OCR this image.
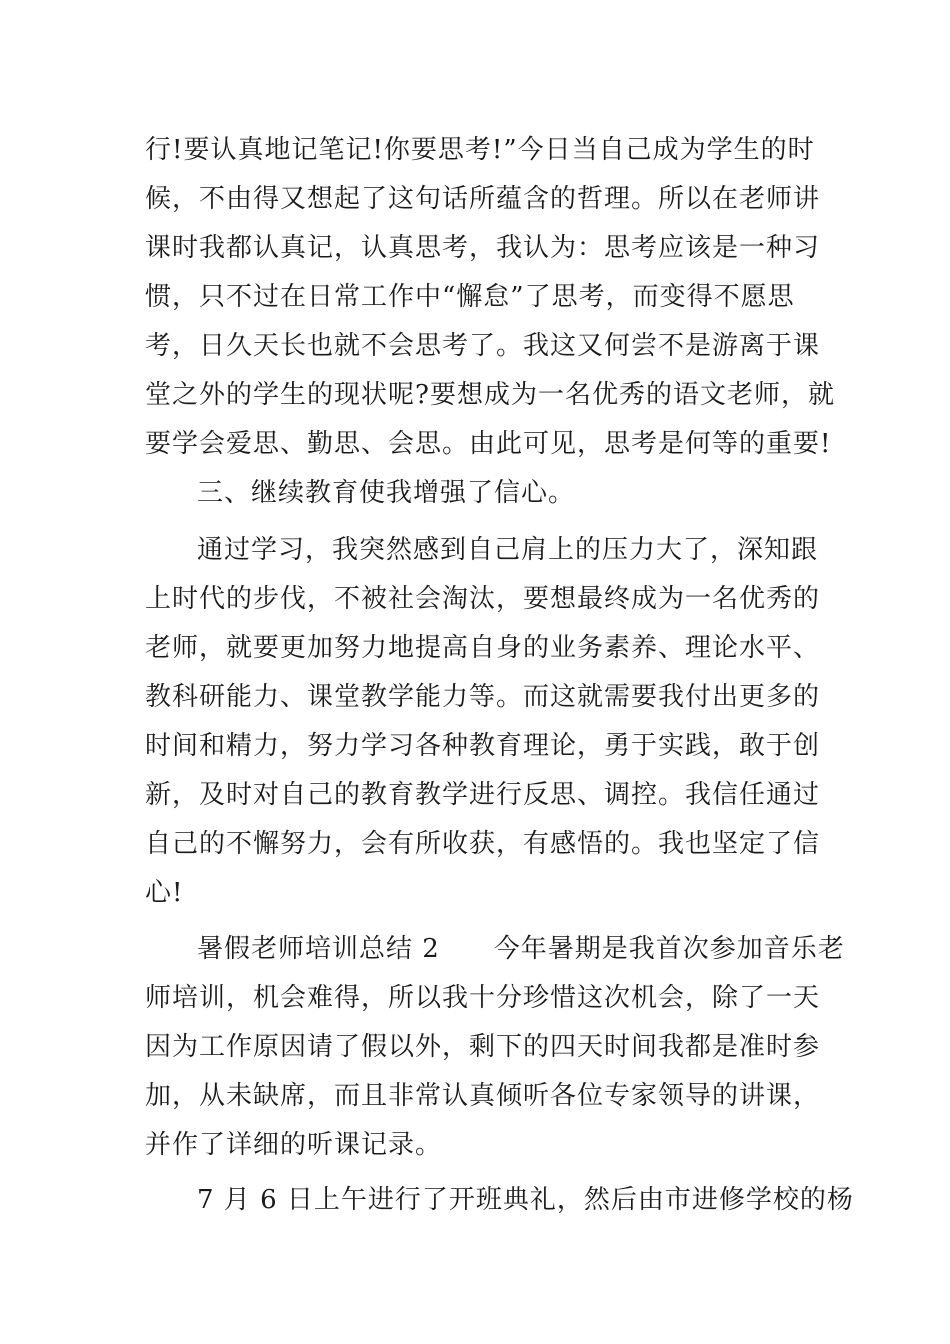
行!要认真地记笔记!你要思考!”今日当自己成为学生的时
候，不由得又想起了这句话所蕴含的哲理。所以在老师讲
课时我都认真记，认真思考，我认为：思考应该是一种习
惯，只不过在日常工作中“懈怠”了思考，而变得不愿思
考，日久天长也就不会思考了。我这又何尝不是游离于课
堂之外的学生的现状呢?要想成为一名优秀的语文老师，就
要学会爱思、勤思、会思。由此可见，思考是何等的重要!
三、继续教育使我增强了信心。
通过学习，我突然感到自己肩上的压力大了，深知跟
上时代的步伐，不被社会淘汰，要想最终成为一名优秀的
老师，就要更加努力地提高自身的业务素养、理论水平、
教科研能力、课堂教学能力等。而这就需要我付出更多的
时间和精力，努力学习各种教育理论，勇于实践，敢于创
新，及时对自己的教育教学进行反思、调控。我信任通过
自己的不懈努力，会有所收获，有感悟的。我也坚定了信
心!
暑假老师培训总结 2　　今年暑期是我首次参加音乐老
师培训，机会难得，所以我十分珍惜这次机会，除了一天
因为工作原因请了假以外，剩下的四天时间我都是准时参
加，从未缺席，而且非常认真倾听各位专家领导的讲课，
并作了详细的听课记录。
7 月 6 日上午进行了开班典礼，然后由市进修学校的杨
